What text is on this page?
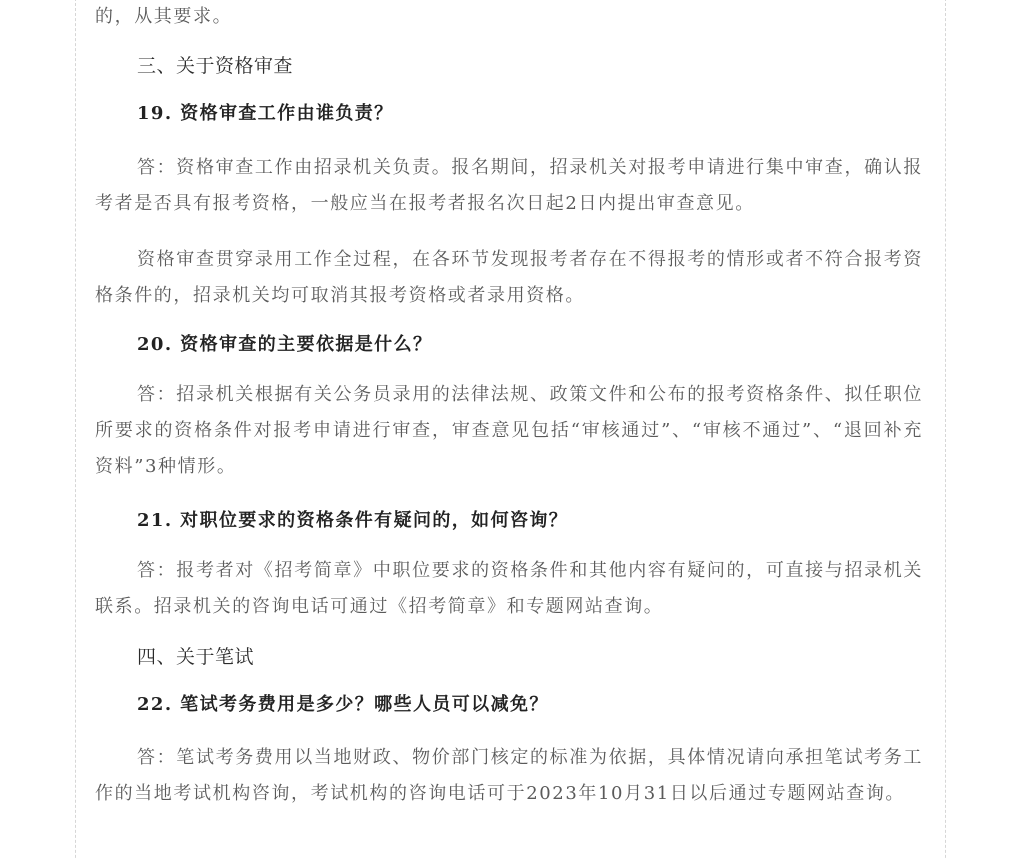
的，从其要求。

三、关于资格审查

19. 资格审查工作由谁负责？

答：资格审查工作由招录机关负责。报名期间，招录机关对报考申请进行集中审查，确认报考者是否具有报考资格，一般应当在报考者报名次日起2日内提出审查意见。

资格审查贯穿录用工作全过程，在各环节发现报考者存在不得报考的情形或者不符合报考资格条件的，招录机关均可取消其报考资格或者录用资格。

20. 资格审查的主要依据是什么？

答：招录机关根据有关公务员录用的法律法规、政策文件和公布的报考资格条件、拟任职位所要求的资格条件对报考申请进行审查，审查意见包括“审核通过”、“审核不通过”、“退回补充资料”3种情形。

21. 对职位要求的资格条件有疑问的，如何咨询？

答：报考者对《招考简章》中职位要求的资格条件和其他内容有疑问的，可直接与招录机关联系。招录机关的咨询电话可通过《招考简章》和专题网站查询。

四、关于笔试

22. 笔试考务费用是多少？哪些人员可以减免？

答：笔试考务费用以当地财政、物价部门核定的标准为依据，具体情况请向承担笔试考务工作的当地考试机构咨询，考试机构的咨询电话可于2023年10月31日以后通过专题网站查询。
